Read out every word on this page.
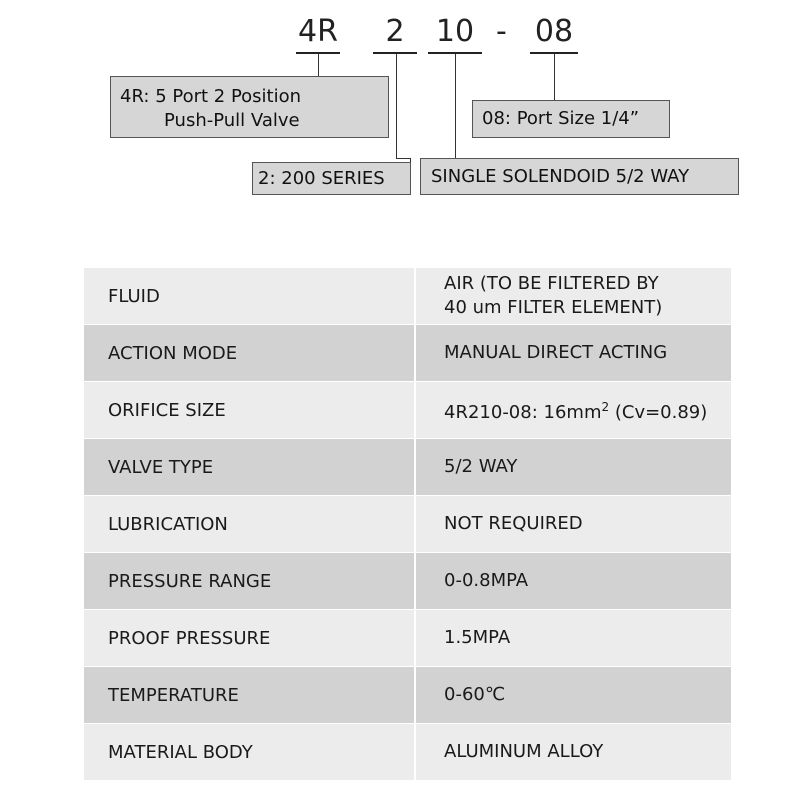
4R	2	10 - 08
4R: 5 Port 2 Position
Push-Pull Valve	08: Port Size 1/4”
2: 200 SERIES	SINGLE SOLENDOID 5/2 WAY
FLUID	AIR (TO BE FILTERED BY
40 um FILTER ELEMENT)

ACTION MODE	MANUAL DIRECT ACTING
ORIFICE SIZE	4R210-08: $16mm^2$ (Cv=0.89)
VALVE TYPE	5/2 WAY
LUBRICATION	NOT REQUIRED
PRESSURE RANGE	0-0.8MPA
PROOF PRESSURE	1.5MPA
TEMPERATURE	0-60℃
MATERIAL BODY	ALUMINUM ALLOY
